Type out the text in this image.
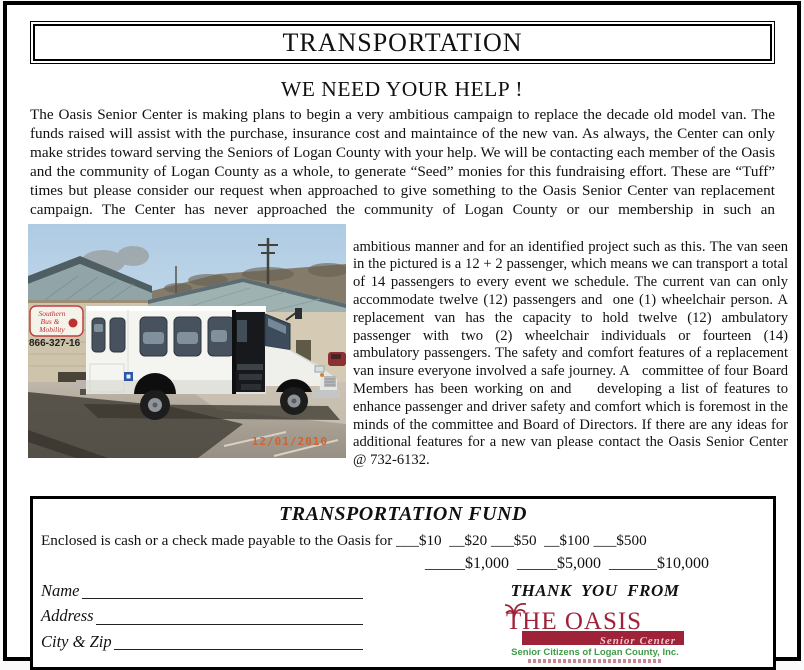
TRANSPORTATION
WE NEED YOUR HELP !

The Oasis Senior Center is making plans to begin a very ambitious campaign to replace the decade old model van. The funds raised will assist with the purchase, insurance cost and maintaince of the new van. As always, the Center can only make strides toward serving the Seniors of Logan County with your help. We will be contacting each member of the Oasis and the community of Logan County as a whole, to generate “Seed” monies for this fundraising effort. These are “Tuff” times but please consider our request when approached to give something to the Oasis Senior Center van replacement campaign. The Center has never approached the community of Logan County or our membership in such an

Southern
Bus &
Mobility
866-327-16
12/01/2010

ambitious manner and for an identified project such as this. The van seen in the pictured is a 12 + 2 passenger, which means we can transport a total of 14 passengers to every event we schedule. The current van can only accommodate twelve (12) passengers and  one (1) wheelchair person. A replacement van has the capacity to hold twelve (12) ambulatory passenger with two (2) wheelchair individuals or fourteen (14) ambulatory passengers. The safety and comfort features of a replacement van insure everyone involved a safe journey. A   committee of four Board Members has been working on and    developing a list of features to enhance passenger and driver safety and comfort which is foremost in the minds of the committee and Board of Directors. If there are any ideas for additional features for a new van please contact the Oasis Senior Center @ 732-6132.

TRANSPORTATION FUND
Enclosed is cash or a check made payable to the Oasis for ___$10  __$20 ___$50  __$100 ___$500
_____$1,000  _____$5,000  ______$10,000
Name
Address
City & Zip
THANK YOU FROM
THE OASIS
Senior Center
Senior Citizens of Logan County, Inc.
